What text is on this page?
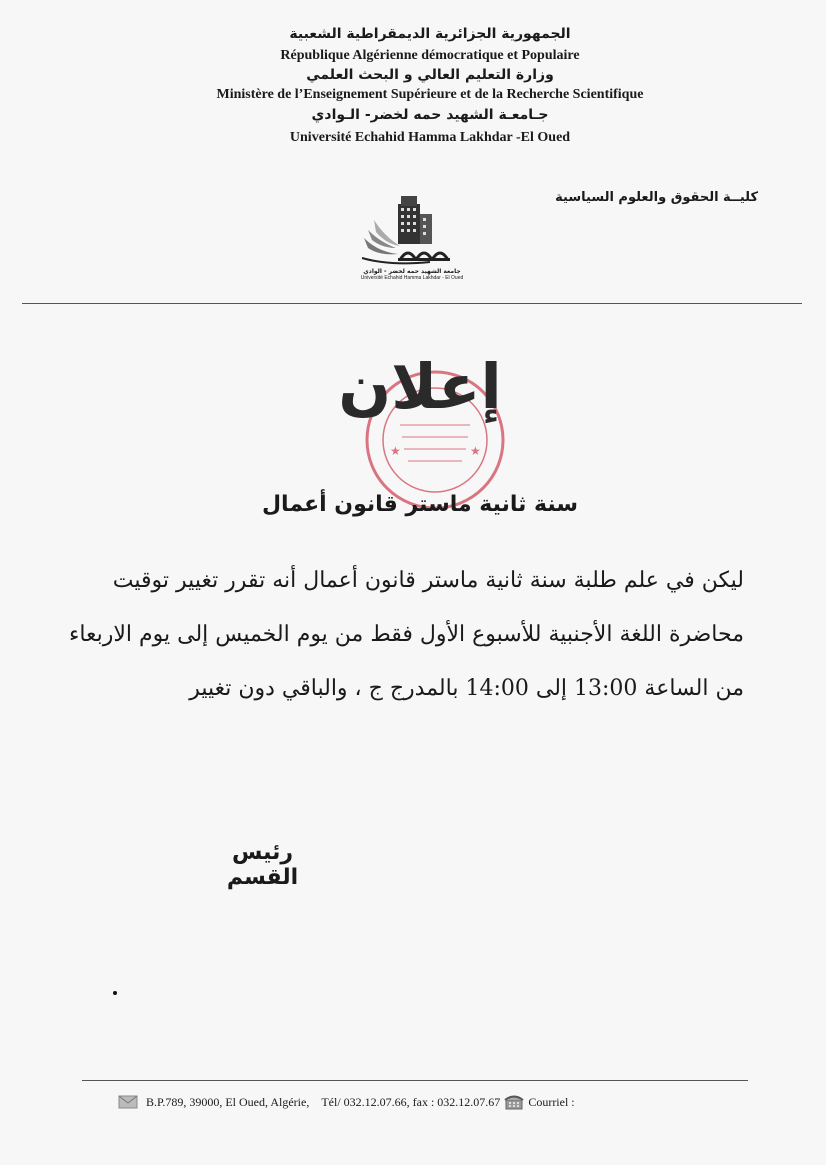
الجمهورية الجزائرية الديمقراطية الشعبية
République Algérienne démocratique et Populaire
وزارة التعليم العالي و البحث العلمي
Ministère de l’Enseignement Supérieure et de la Recherche Scientifique
جـامعـة الشهيد حمه لخضر- الـوادي
Université Echahid Hamma Lakhdar -El Oued
كليــة الحقوق والعلوم السياسية
جامعة الشهيد حمه لخضر - الوادي
Université Echahid Hamma Lakhdar - El Oued
★	★
إعلان
سنة ثانية ماستر قانون أعمال
ليكن في علم طلبة سنة ثانية ماستر قانون أعمال أنه تقرر تغيير توقيت
محاضرة اللغة الأجنبية للأسبوع الأول فقط من يوم الخميس إلى يوم الاربعاء
من الساعة 13:00 إلى 14:00 بالمدرج ج ، والباقي دون تغيير
رئيس القسم
B.P.789, 39000, El Oued, Algérie, Tél/ 032.12.07.66, fax : 032.12.07.67 Courriel :
